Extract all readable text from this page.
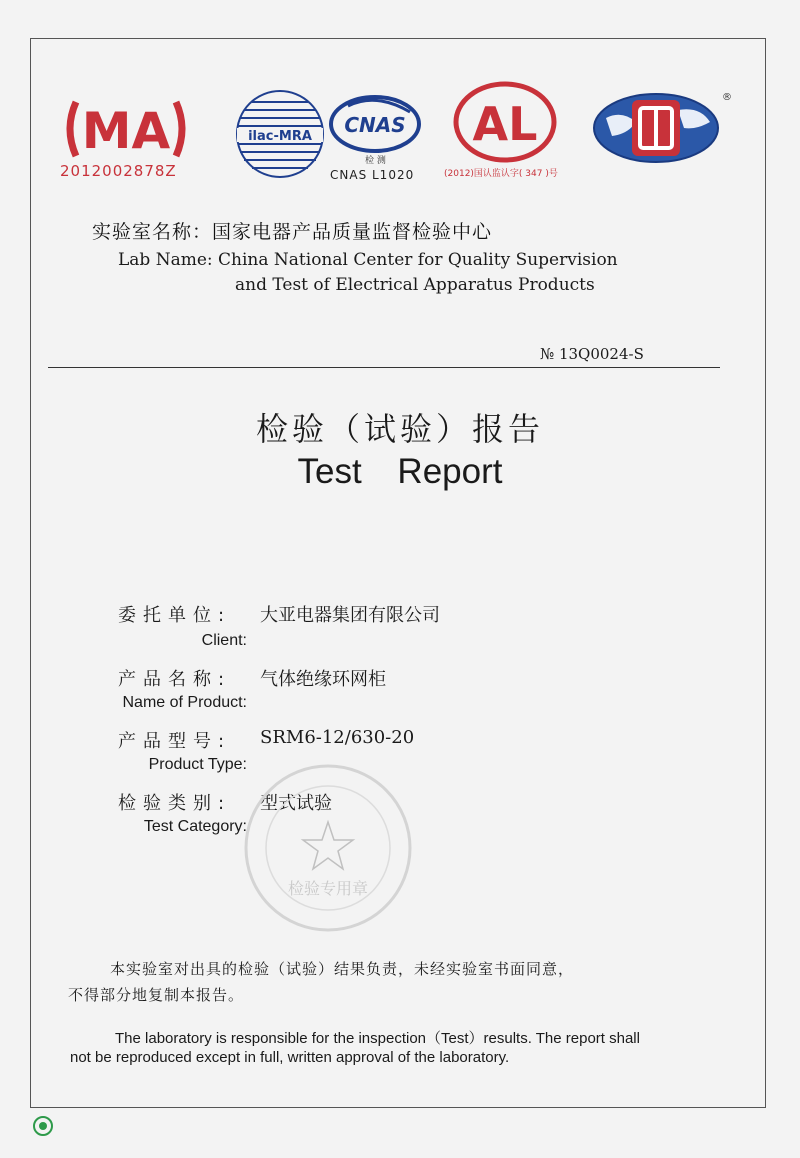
MA
2012002878Z
ilac-MRA CNAS
检 测
CNAS L1020
AL
(2012)国认监认字( 347 )号
®
实验室名称：国家电器产品质量监督检验中心
Lab Name: China National Center for Quality Supervision
and Test of Electrical Apparatus Products
№ 13Q0024-S
检验（试验）报告
Test Report
委托单位: 大亚电器集团有限公司
Client:
产品名称: 气体绝缘环网柜
Name of Product:
产品型号: SRM6-12/630-20
Product Type:
检验类别: 型式试验
Test Category:
检验专用章
本实验室对出具的检验（试验）结果负责，未经实验室书面同意，
不得部分地复制本报告。
The laboratory is responsible for the inspection（Test）results. The report shall
not be reproduced except in full, written approval of the laboratory.
